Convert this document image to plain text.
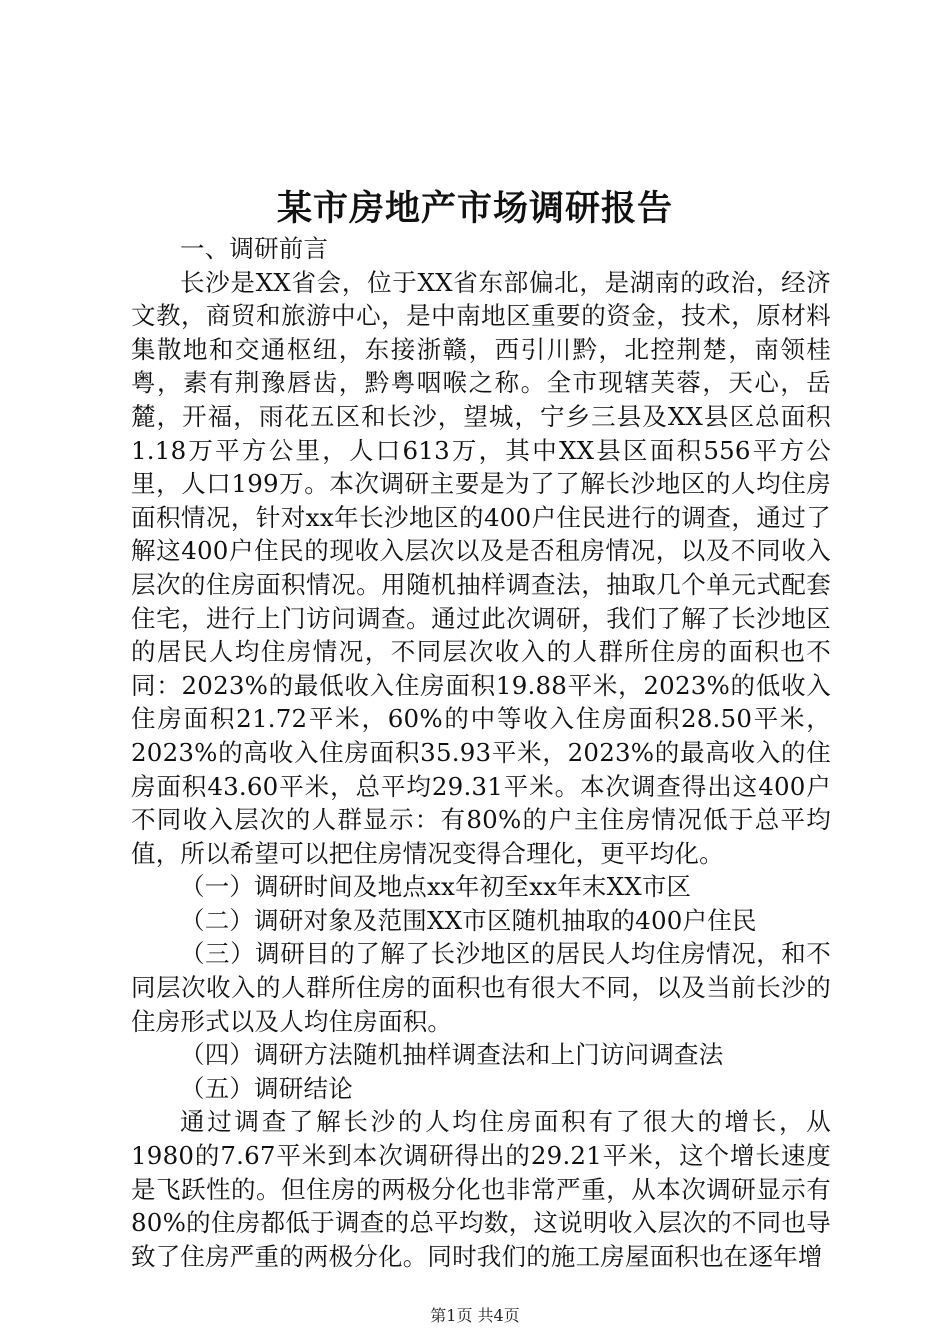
某市房地产市场调研报告

一、调研前言

长沙是XX省会，位于XX省东部偏北，是湖南的政治，经济文教，商贸和旅游中心，是中南地区重要的资金，技术，原材料集散地和交通枢纽，东接浙赣，西引川黔，北控荆楚，南领桂粤，素有荆豫唇齿，黔粤咽喉之称。全市现辖芙蓉，天心，岳麓，开福，雨花五区和长沙，望城，宁乡三县及XX县区总面积1.18万平方公里，人口613万，其中XX县区面积556平方公里，人口199万。本次调研主要是为了了解长沙地区的人均住房面积情况，针对xx年长沙地区的400户住民进行的调查，通过了解这400户住民的现收入层次以及是否租房情况，以及不同收入层次的住房面积情况。用随机抽样调查法，抽取几个单元式配套住宅，进行上门访问调查。通过此次调研，我们了解了长沙地区的居民人均住房情况，不同层次收入的人群所住房的面积也不同：2023%的最低收入住房面积19.88平米，2023%的低收入住房面积21.72平米，60%的中等收入住房面积28.50平米，2023%的高收入住房面积35.93平米，2023%的最高收入的住房面积43.60平米，总平均29.31平米。本次调查得出这400户不同收入层次的人群显示：有80%的户主住房情况低于总平均值，所以希望可以把住房情况变得合理化，更平均化。

（一）调研时间及地点xx年初至xx年末XX市区

（二）调研对象及范围XX市区随机抽取的400户住民

（三）调研目的了解了长沙地区的居民人均住房情况，和不同层次收入的人群所住房的面积也有很大不同，以及当前长沙的住房形式以及人均住房面积。

（四）调研方法随机抽样调查法和上门访问调查法

（五）调研结论

通过调查了解长沙的人均住房面积有了很大的增长，从1980的7.67平米到本次调研得出的29.21平米，这个增长速度是飞跃性的。但住房的两极分化也非常严重，从本次调研显示有80%的住房都低于调查的总平均数，这说明收入层次的不同也导致了住房严重的两极分化。同时我们的施工房屋面积也在逐年增

第1页 共4页
